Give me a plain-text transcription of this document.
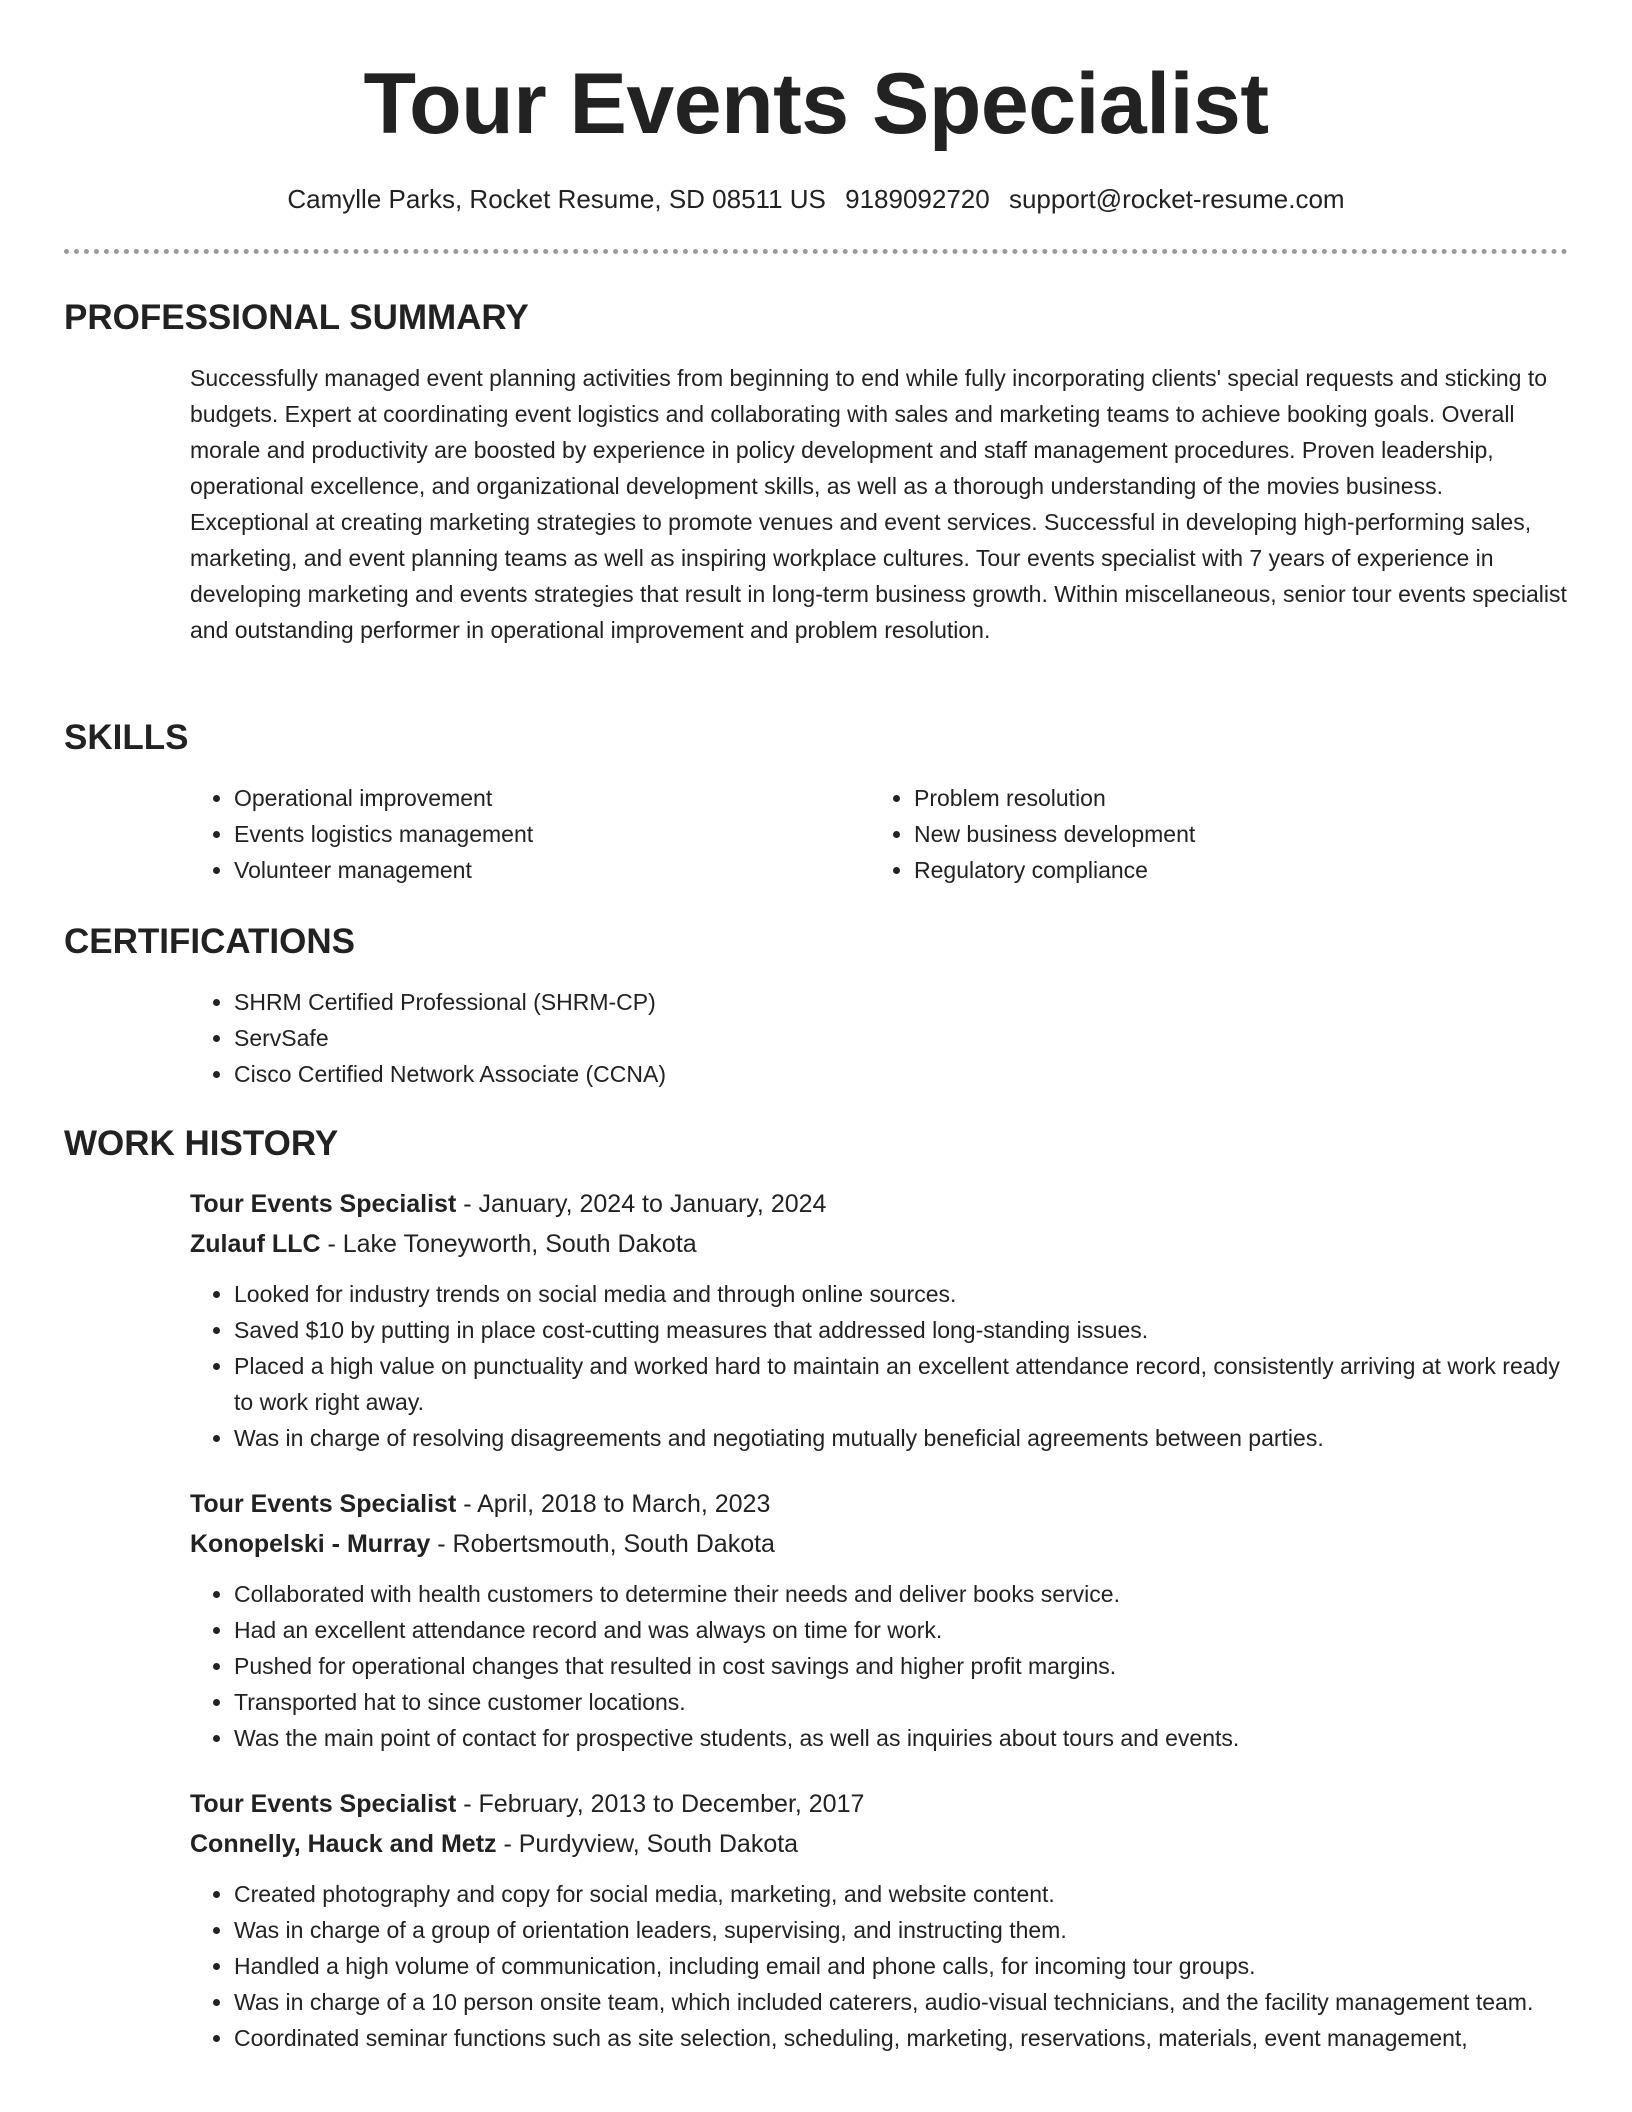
Tour Events Specialist
Camylle Parks, Rocket Resume, SD 08511 US 9189092720 support@rocket-resume.com
PROFESSIONAL SUMMARY
Successfully managed event planning activities from beginning to end while fully incorporating clients' special requests and sticking to budgets. Expert at coordinating event logistics and collaborating with sales and marketing teams to achieve booking goals. Overall morale and productivity are boosted by experience in policy development and staff management procedures. Proven leadership, operational excellence, and organizational development skills, as well as a thorough understanding of the movies business. Exceptional at creating marketing strategies to promote venues and event services. Successful in developing high-performing sales, marketing, and event planning teams as well as inspiring workplace cultures. Tour events specialist with 7 years of experience in developing marketing and events strategies that result in long-term business growth. Within miscellaneous, senior tour events specialist and outstanding performer in operational improvement and problem resolution.
SKILLS
• Operational improvement
• Events logistics management
• Volunteer management
• Problem resolution
• New business development
• Regulatory compliance
CERTIFICATIONS
• SHRM Certified Professional (SHRM-CP)
• ServSafe
• Cisco Certified Network Associate (CCNA)
WORK HISTORY
Tour Events Specialist - January, 2024 to January, 2024
Zulauf LLC - Lake Toneyworth, South Dakota
• Looked for industry trends on social media and through online sources.
• Saved $10 by putting in place cost-cutting measures that addressed long-standing issues.
• Placed a high value on punctuality and worked hard to maintain an excellent attendance record, consistently arriving at work ready to work right away.
• Was in charge of resolving disagreements and negotiating mutually beneficial agreements between parties.
Tour Events Specialist - April, 2018 to March, 2023
Konopelski - Murray - Robertsmouth, South Dakota
• Collaborated with health customers to determine their needs and deliver books service.
• Had an excellent attendance record and was always on time for work.
• Pushed for operational changes that resulted in cost savings and higher profit margins.
• Transported hat to since customer locations.
• Was the main point of contact for prospective students, as well as inquiries about tours and events.
Tour Events Specialist - February, 2013 to December, 2017
Connelly, Hauck and Metz - Purdyview, South Dakota
• Created photography and copy for social media, marketing, and website content.
• Was in charge of a group of orientation leaders, supervising, and instructing them.
• Handled a high volume of communication, including email and phone calls, for incoming tour groups.
• Was in charge of a 10 person onsite team, which included caterers, audio-visual technicians, and the facility management team.
• Coordinated seminar functions such as site selection, scheduling, marketing, reservations, materials, event management,
